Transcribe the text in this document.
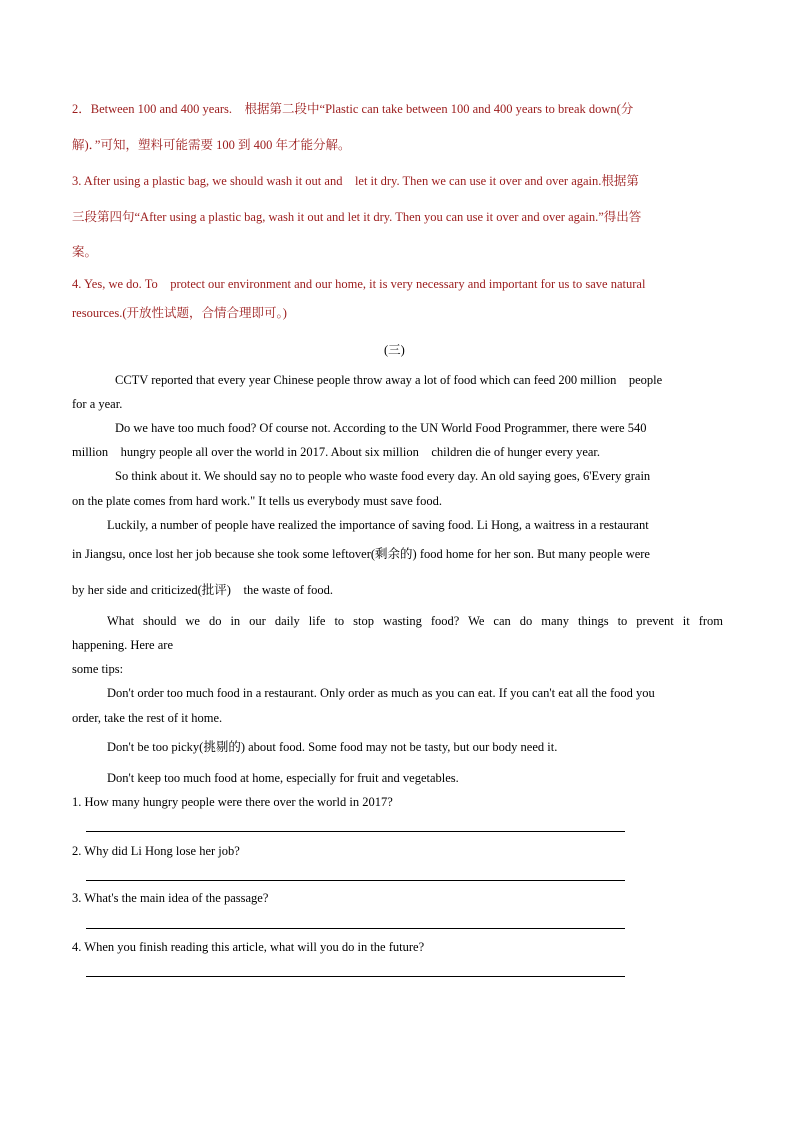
2．Between 100 and 400 years.　根据第二段中“Plastic can take between 100 and 400 years to break down(分
解)．”可知，塑料可能需要 100 到 400 年才能分解。
3. After using a plastic bag, we should wash it out and　let it dry. Then we can use it over and over again.根据第
三段第四句“After using a plastic bag, wash it out and let it dry. Then you can use it over and over again.”得出答
案。
4. Yes, we do. To　protect our environment and our home, it is very necessary and important for us to save natural
resources.(开放性试题，合情合理即可。)
(三)
CCTV reported that every year Chinese people throw away a lot of food which can feed 200 million　people
for a year.
Do we have too much food? Of course not. According to the UN World Food Programmer, there were 540
million　hungry people all over the world in 2017. About six million　children die of hunger every year.
So think about it. We should say no to people who waste food every day. An old saying goes, 6'Every grain
on the plate comes from hard work." It tells us everybody must save food.
Luckily, a number of people have realized the importance of saving food. Li Hong, a waitress in a restaurant
in Jiangsu, once lost her job because she took some leftover(剩余的) food home for her son. But many people were
by her side and criticized(批评)　the waste of food.
What should we do in our daily life to stop wasting food? We can do many things to prevent it from
happening. Here are
some tips:
Don't order too much food in a restaurant. Only order as much as you can eat. If you can't eat all the food you
order, take the rest of it home.
Don't be too picky(挑剔的) about food. Some food may not be tasty, but our body need it.
Don't keep too much food at home, especially for fruit and vegetables.
1. How many hungry people were there over the world in 2017?
2. Why did Li Hong lose her job?
3. What's the main idea of the passage?
4. When you finish reading this article, what will you do in the future?
